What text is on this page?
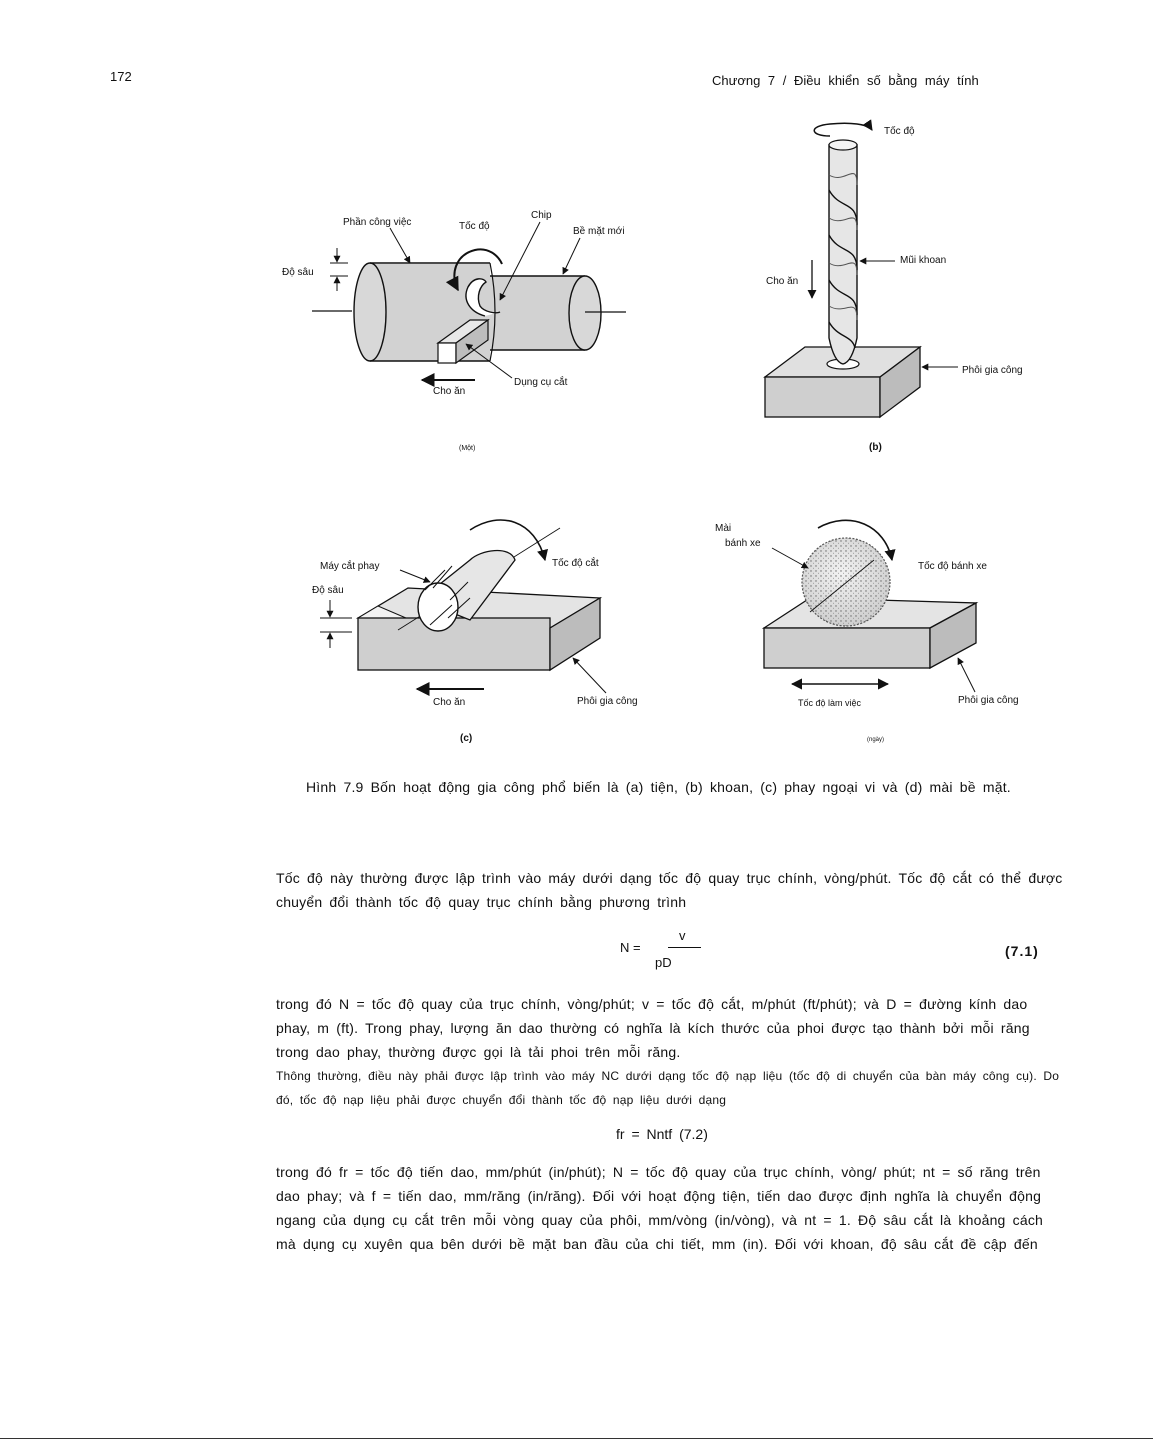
172	Chương 7 / Điều khiển số bằng máy tính
Phần công việc	Tốc độ
Chip
Bề mặt mới
Độ sâu
Dụng cụ cắt
Cho ăn
(Một)
Tốc độ
Mũi khoan
Cho ăn
Phôi gia công
(b)
Máy cắt phay	Tốc độ cắt
Độ sâu
Cho ăn	Phôi gia công
(c)
Mài
bánh xe
Tốc độ bánh xe
Tốc độ làm việc	Phôi gia công
(ngày)
Hình 7.9 Bốn hoạt động gia công phổ biến là (a) tiện, (b) khoan, (c) phay ngoại vi và (d) mài bề mặt.
Tốc độ này thường được lập trình vào máy dưới dạng tốc độ quay trục chính, vòng/phút. Tốc độ cắt có thể được chuyển đổi thành tốc độ quay trục chính bằng phương trình
N =
v
pD
(7.1)
trong đó N = tốc độ quay của trục chính, vòng/phút; v = tốc độ cắt, m/phút (ft/phút); và D = đường kính dao phay, m (ft). Trong phay, lượng ăn dao thường có nghĩa là kích thước của phoi được tạo thành bởi mỗi răng trong dao phay, thường được gọi là tải phoi trên mỗi răng.
Thông thường, điều này phải được lập trình vào máy NC dưới dạng tốc độ nạp liệu (tốc độ di chuyển của bàn máy công cụ). Do đó, tốc độ nạp liệu phải được chuyển đổi thành tốc độ nạp liệu dưới dạng
fr = Nntf (7.2)
trong đó fr = tốc độ tiến dao, mm/phút (in/phút); N = tốc độ quay của trục chính, vòng/ phút; nt = số răng trên dao phay; và f = tiến dao, mm/răng (in/răng). Đối với hoạt động tiện, tiến dao được định nghĩa là chuyển động ngang của dụng cụ cắt trên mỗi vòng quay của phôi, mm/vòng (in/vòng), và nt = 1. Độ sâu cắt là khoảng cách mà dụng cụ xuyên qua bên dưới bề mặt ban đầu của chi tiết, mm (in). Đối với khoan, độ sâu cắt đề cập đến
